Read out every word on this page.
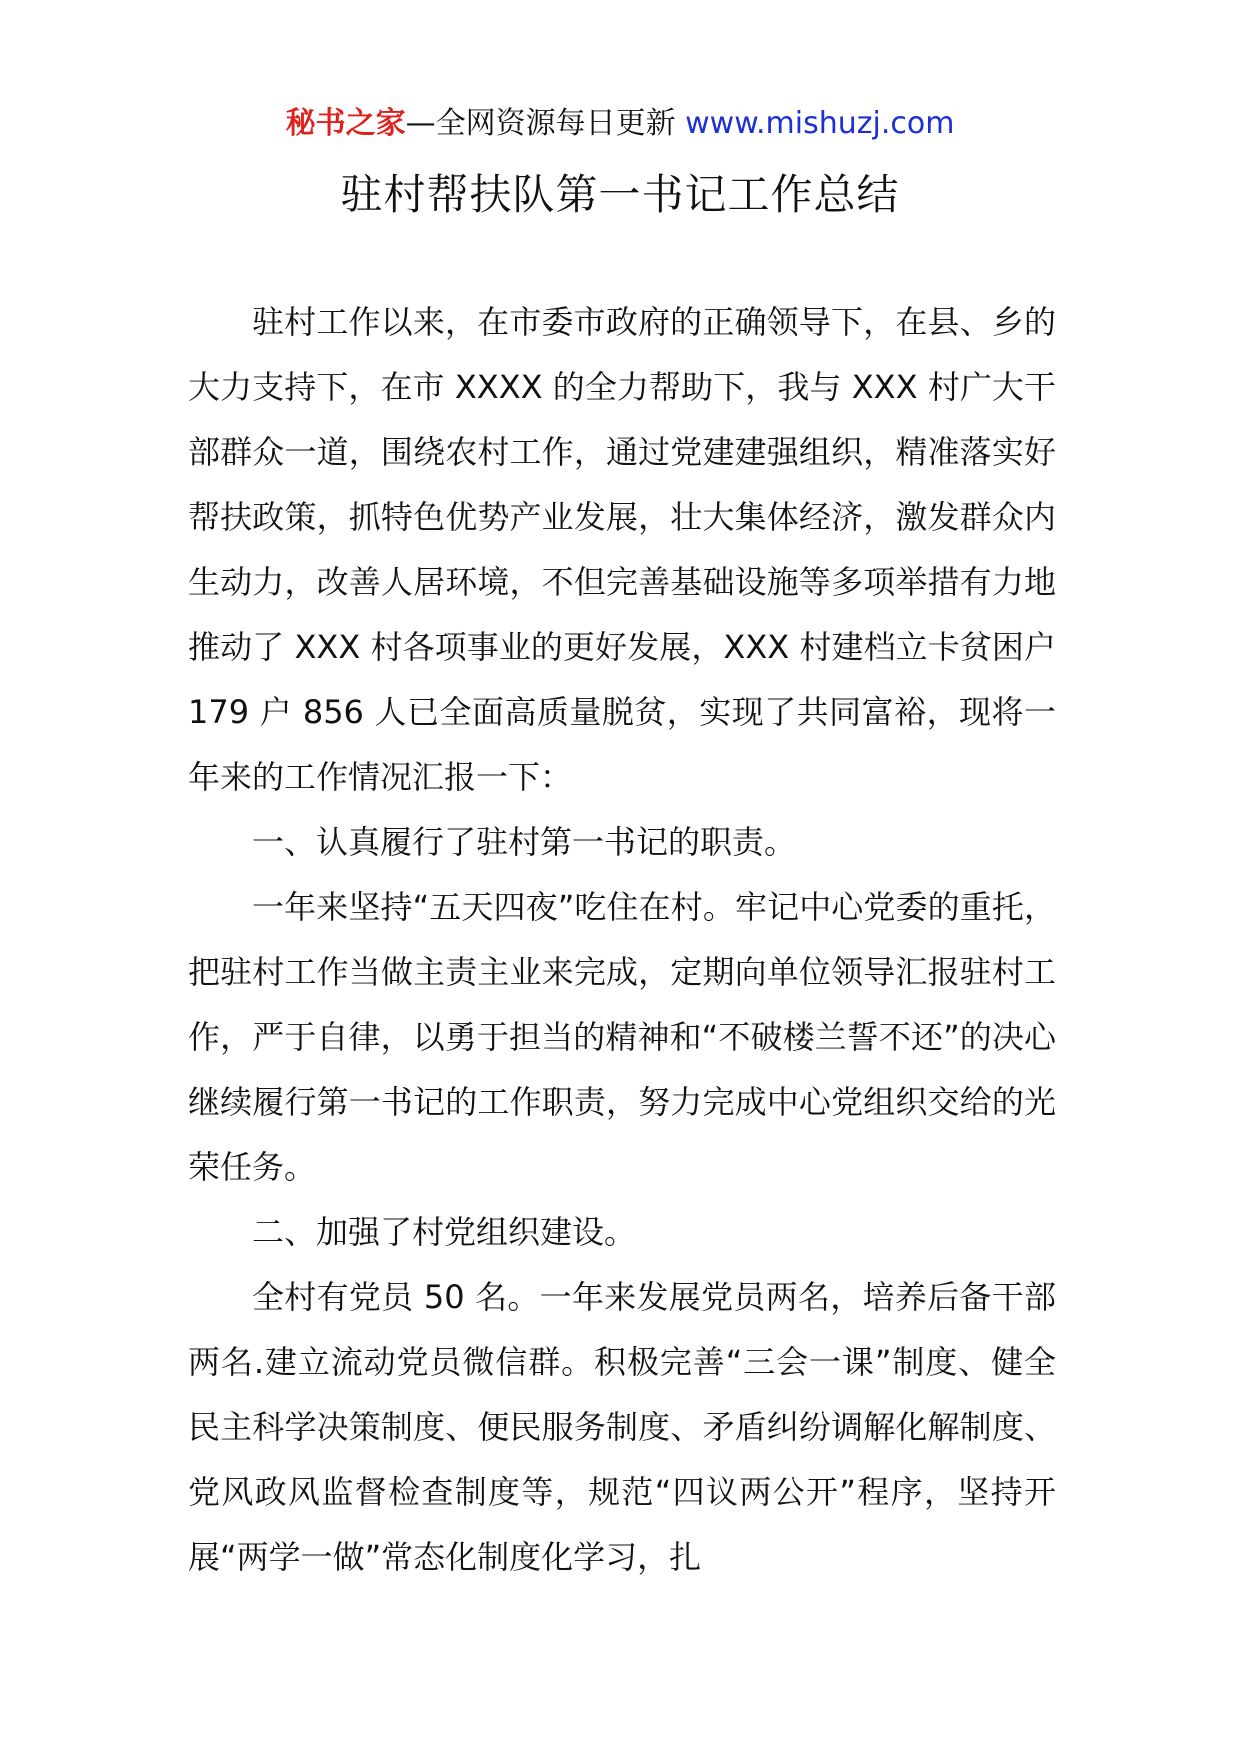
秘书之家—全网资源每日更新 www.mishuzj.com
驻村帮扶队第一书记工作总结

驻村工作以来，在市委市政府的正确领导下，在县、乡的大力支持下，在市 XXXX 的全力帮助下，我与 XXX 村广大干部群众一道，围绕农村工作，通过党建建强组织，精准落实好帮扶政策，抓特色优势产业发展，壮大集体经济，激发群众内生动力，改善人居环境，不但完善基础设施等多项举措有力地推动了 XXX 村各项事业的更好发展，XXX 村建档立卡贫困户 179 户 856 人已全面高质量脱贫，实现了共同富裕，现将一年来的工作情况汇报一下：

一、认真履行了驻村第一书记的职责。

一年来坚持“五天四夜”吃住在村。牢记中心党委的重托，把驻村工作当做主责主业来完成，定期向单位领导汇报驻村工作，严于自律，以勇于担当的精神和“不破楼兰誓不还”的决心继续履行第一书记的工作职责，努力完成中心党组织交给的光荣任务。

二、加强了村党组织建设。

全村有党员 50 名。一年来发展党员两名，培养后备干部两名.建立流动党员微信群。积极完善“三会一课”制度、健全民主科学决策制度、便民服务制度、矛盾纠纷调解化解制度、党风政风监督检查制度等，规范“四议两公开”程序，坚持开展“两学一做”常态化制度化学习，扎
